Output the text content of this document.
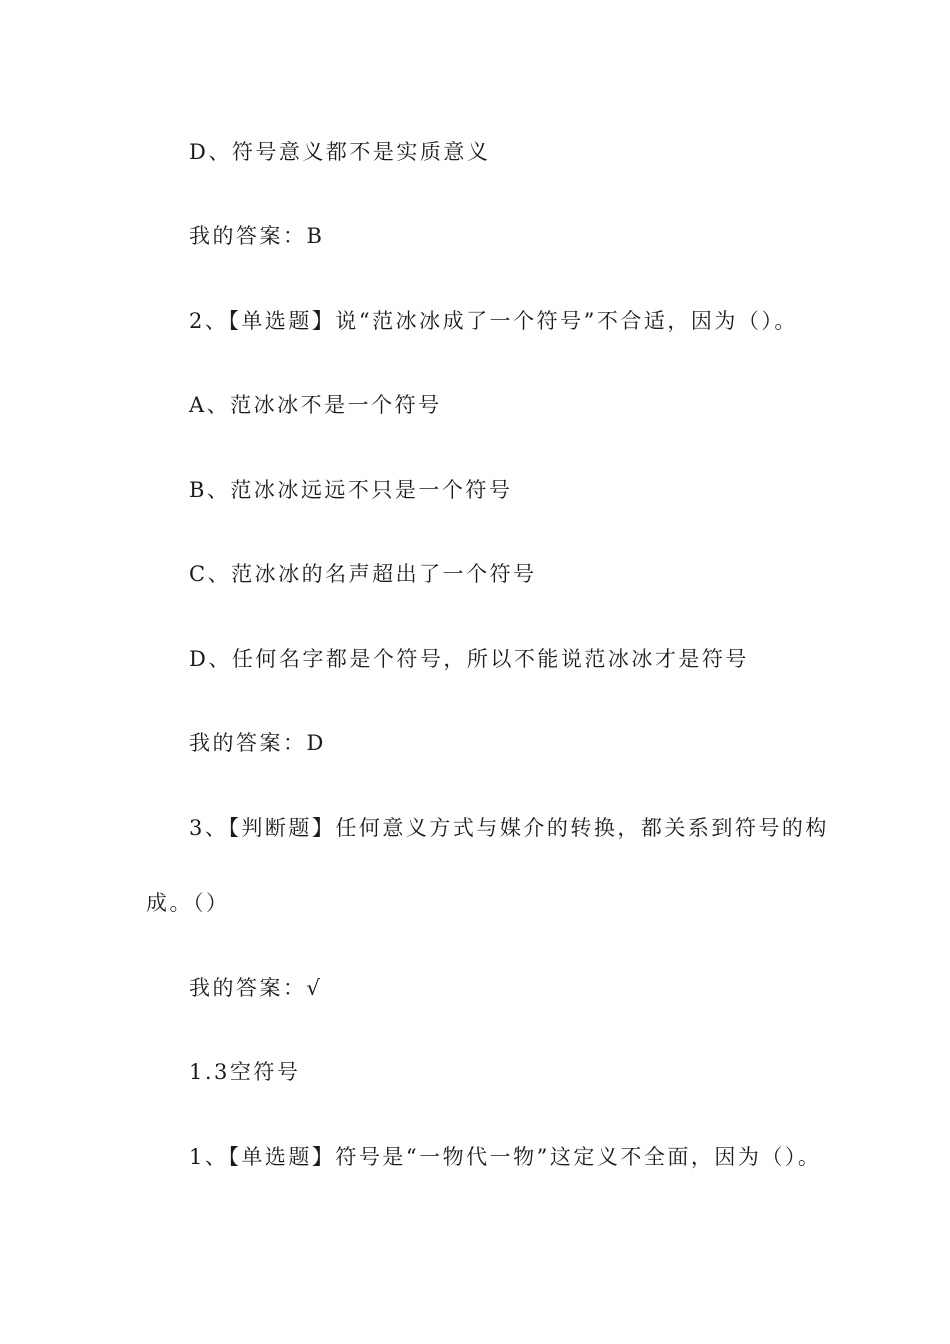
D、符号意义都不是实质意义
我的答案：B
2、【单选题】说“范冰冰成了一个符号”不合适，因为（）。
A、范冰冰不是一个符号
B、范冰冰远远不只是一个符号
C、范冰冰的名声超出了一个符号
D、任何名字都是个符号，所以不能说范冰冰才是符号
我的答案：D
3、【判断题】任何意义方式与媒介的转换，都关系到符号的构
成。（）
我的答案：√
1.3空符号
1、【单选题】符号是“一物代一物”这定义不全面，因为（）。
